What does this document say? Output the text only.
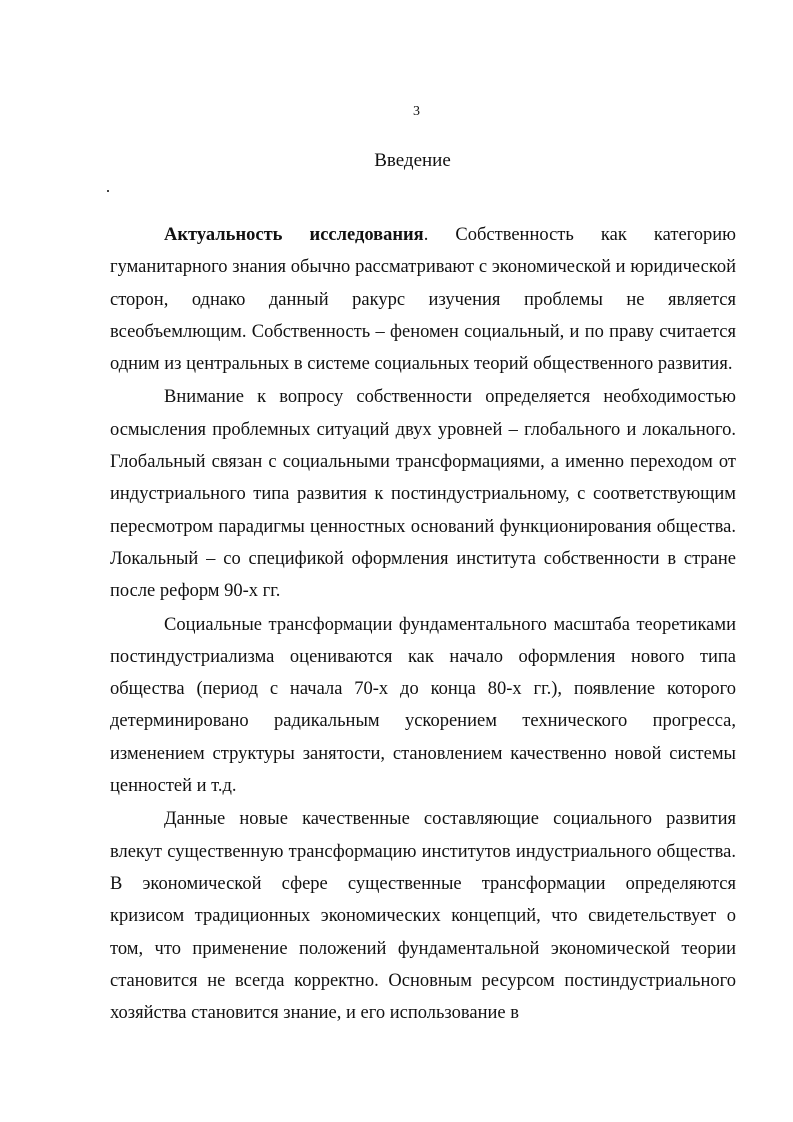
3
Введение

Актуальность исследования. Собственность как категорию гуманитарного знания обычно рассматривают с экономической и юридической сторон, однако данный ракурс изучения проблемы не является всеобъемлющим. Собственность – феномен социальный, и по праву считается одним из центральных в системе социальных теорий общественного развития.

Внимание к вопросу собственности определяется необходимостью осмысления проблемных ситуаций двух уровней – глобального и локального. Глобальный связан с социальными трансформациями, а именно переходом от индустриального типа развития к постиндустриальному, с соответствующим пересмотром парадигмы ценностных оснований функционирования общества. Локальный – со спецификой оформления института собственности в стране после реформ 90-х гг.

Социальные трансформации фундаментального масштаба теоретиками постиндустриализма оцениваются как начало оформления нового типа общества (период с начала 70-х до конца 80-х гг.), появление которого детерминировано радикальным ускорением технического прогресса, изменением структуры занятости, становлением качественно новой системы ценностей и т.д.

Данные новые качественные составляющие социального развития влекут существенную трансформацию институтов индустриального общества. В экономической сфере существенные трансформации определяются кризисом традиционных экономических концепций, что свидетельствует о том, что применение положений фундаментальной экономической теории становится не всегда корректно. Основным ресурсом постиндустриального хозяйства становится знание, и его использование в
